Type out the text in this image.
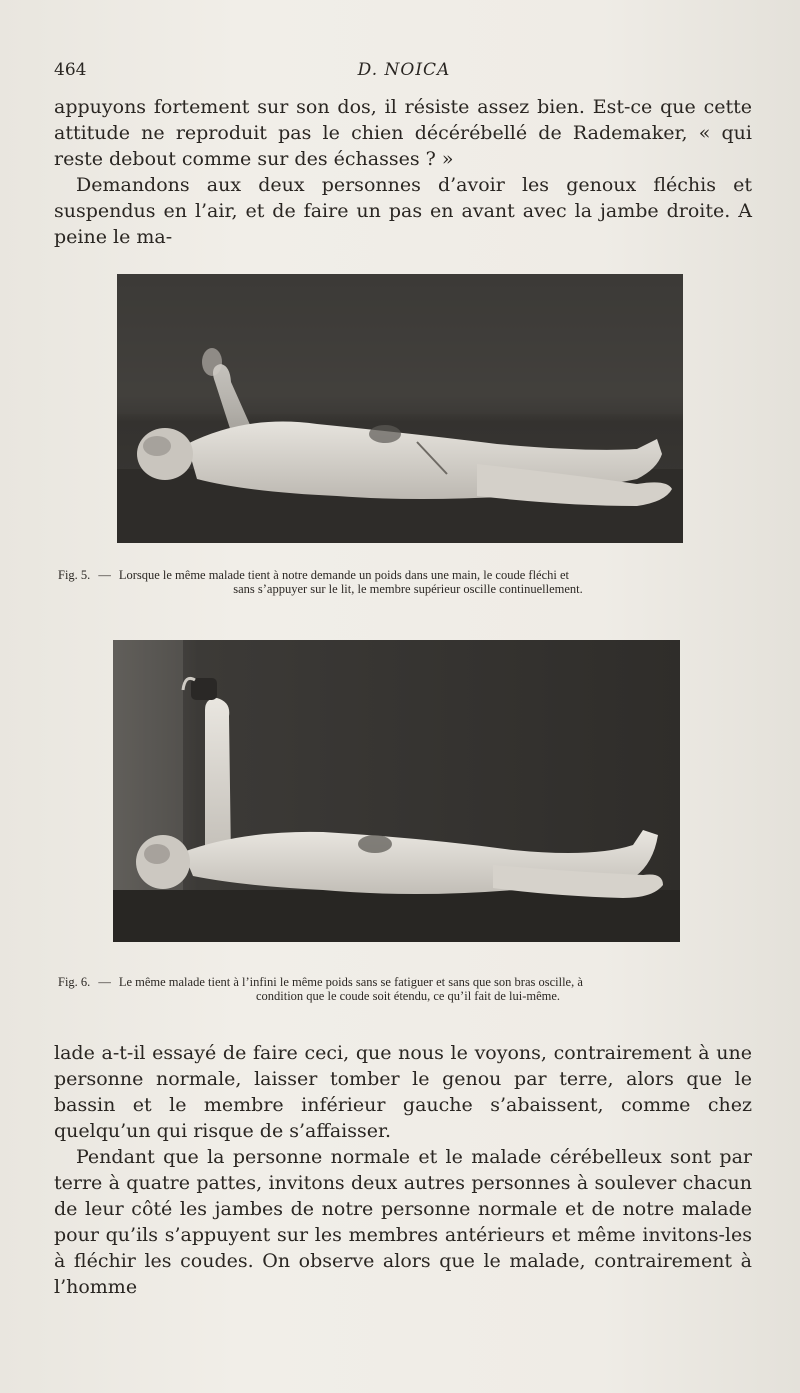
464	D. NOICA

appuyons fortement sur son dos, il résiste assez bien. Est-ce que cette attitude ne reproduit pas le chien décérébellé de Rademaker, « qui reste debout comme sur des échasses ? »

Demandons aux deux personnes d’avoir les genoux fléchis et suspendus en l’air, et de faire un pas en avant avec la jambe droite. A peine le ma-

Fig. 5. — Lorsque le même malade tient à notre demande un poids dans une main, le coude fléchi et
sans s’appuyer sur le lit, le membre supérieur oscille continuellement.
Fig. 6. — Le même malade tient à l’infini le même poids sans se fatiguer et sans que son bras oscille, à
condition que le coude soit étendu, ce qu’il fait de lui-même.

lade a-t-il essayé de faire ceci, que nous le voyons, contrairement à une personne normale, laisser tomber le genou par terre, alors que le bassin et le membre inférieur gauche s’abaissent, comme chez quelqu’un qui risque de s’affaisser.

Pendant que la personne normale et le malade cérébelleux sont par terre à quatre pattes, invitons deux autres personnes à soulever chacun de leur côté les jambes de notre personne normale et de notre malade pour qu’ils s’appuyent sur les membres antérieurs et même invitons-les à fléchir les coudes. On observe alors que le malade, contrairement à l’homme
